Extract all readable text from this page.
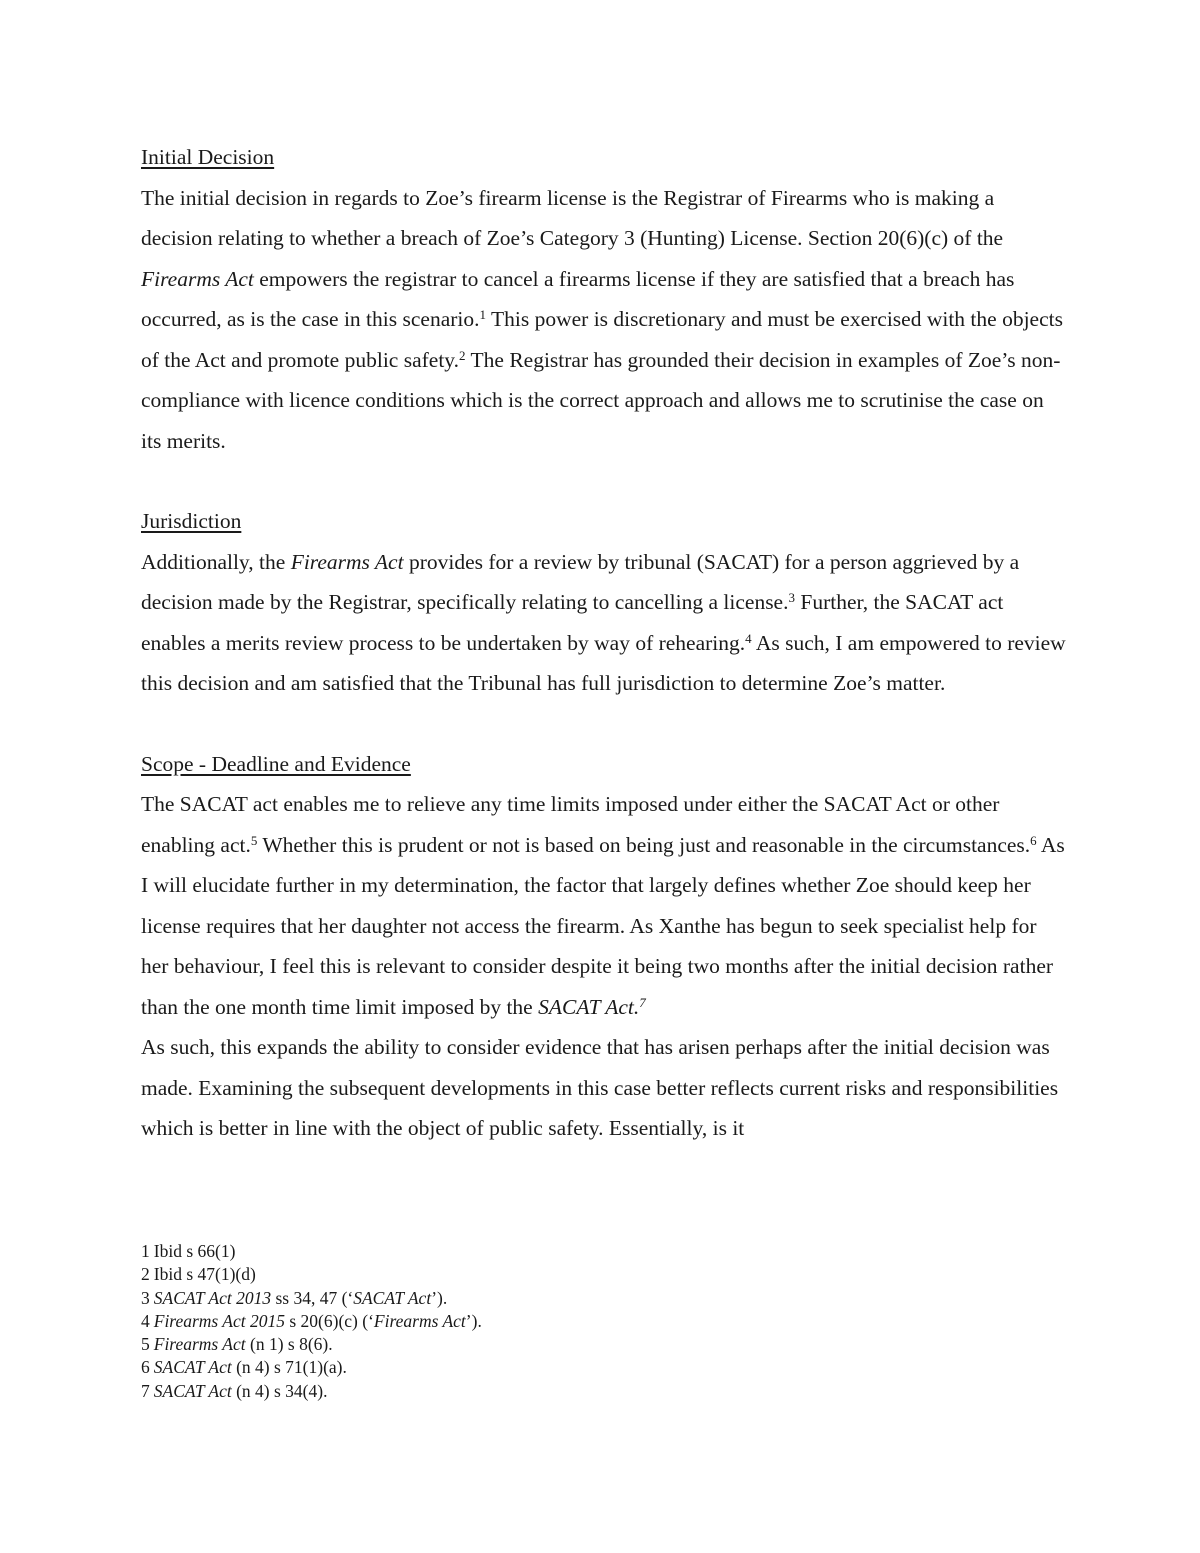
Initial Decision
The initial decision in regards to Zoe’s firearm license is the Registrar of Firearms who is making a decision relating to whether a breach of Zoe’s Category 3 (Hunting) License. Section 20(6)(c) of the Firearms Act empowers the registrar to cancel a firearms license if they are satisfied that a breach has occurred, as is the case in this scenario.$^1$ This power is discretionary and must be exercised with the objects of the Act and promote public safety.$^2$ The Registrar has grounded their decision in examples of Zoe’s non-compliance with licence conditions which is the correct approach and allows me to scrutinise the case on its merits.
Jurisdiction
Additionally, the Firearms Act provides for a review by tribunal (SACAT) for a person aggrieved by a decision made by the Registrar, specifically relating to cancelling a license.$^3$ Further, the SACAT act enables a merits review process to be undertaken by way of rehearing.$^4$ As such, I am empowered to review this decision and am satisfied that the Tribunal has full jurisdiction to determine Zoe’s matter.
Scope - Deadline and Evidence
The SACAT act enables me to relieve any time limits imposed under either the SACAT Act or other enabling act.$^5$ Whether this is prudent or not is based on being just and reasonable in the circumstances.$^6$ As I will elucidate further in my determination, the factor that largely defines whether Zoe should keep her license requires that her daughter not access the firearm. As Xanthe has begun to seek specialist help for her behaviour, I feel this is relevant to consider despite it being two months after the initial decision rather than the one month time limit imposed by the SACAT Act.$^7$
As such, this expands the ability to consider evidence that has arisen perhaps after the initial decision was made. Examining the subsequent developments in this case better reflects current risks and responsibilities which is better in line with the object of public safety. Essentially, is it
1 Ibid s 66(1)
2 Ibid s 47(1)(d)
3 SACAT Act 2013 ss 34, 47 (‘SACAT Act’).
4 Firearms Act 2015 s 20(6)(c) (‘Firearms Act’).
5 Firearms Act (n 1) s 8(6).
6 SACAT Act (n 4) s 71(1)(a).
7 SACAT Act (n 4) s 34(4).
